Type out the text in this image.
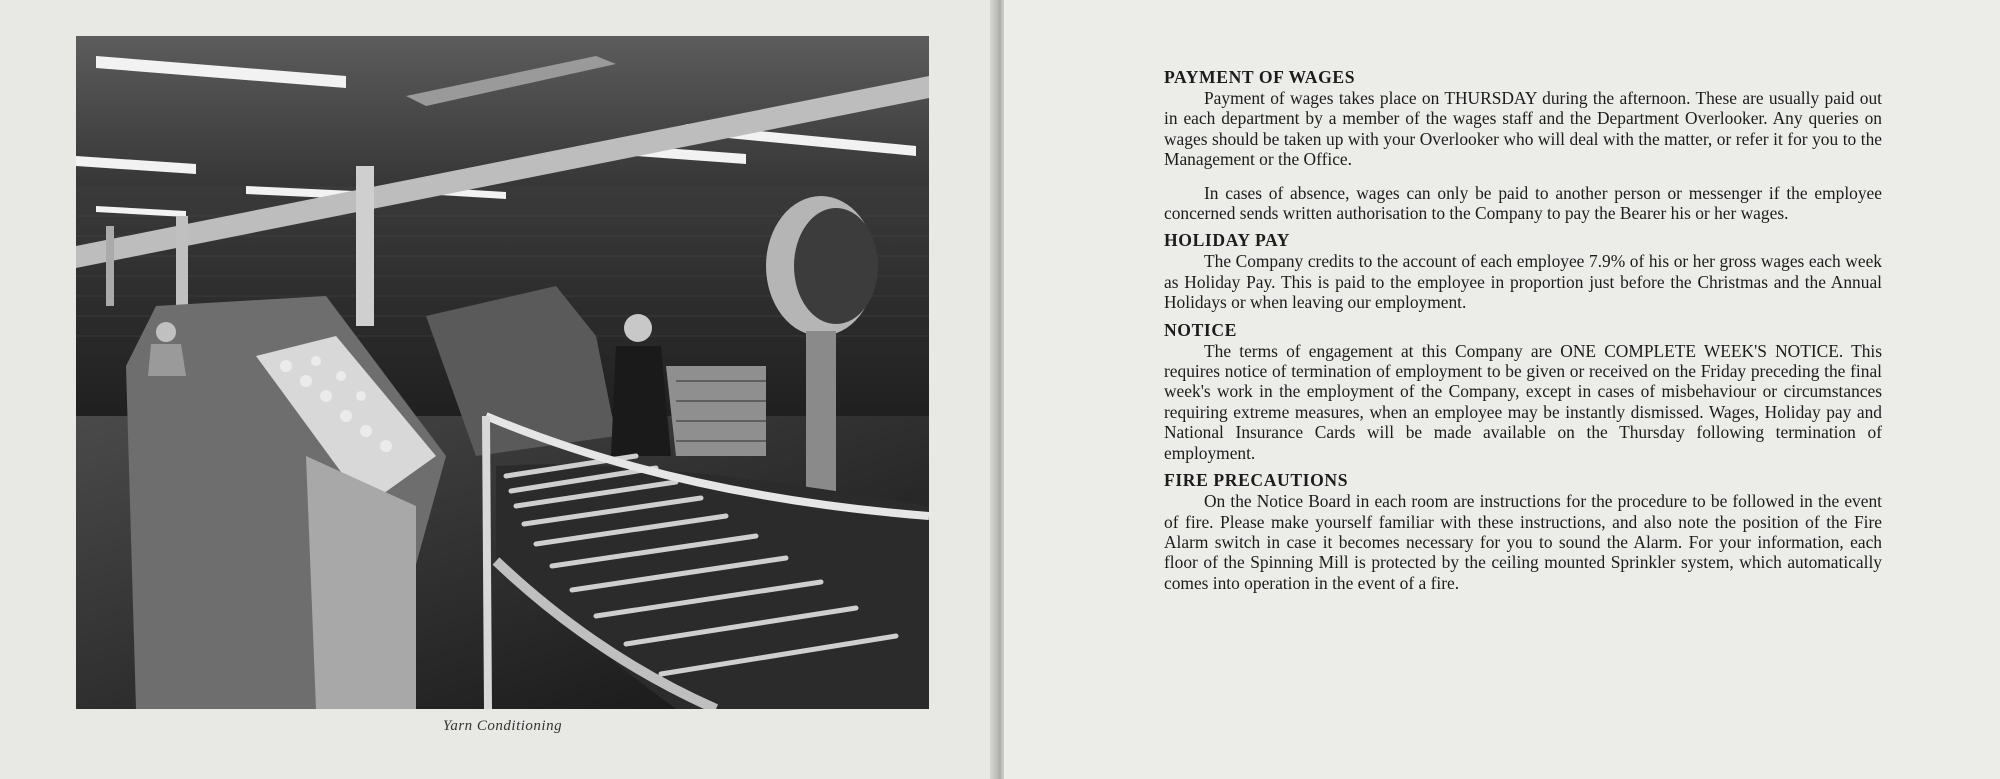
Yarn Conditioning
PAYMENT OF WAGES

Payment of wages takes place on THURSDAY during the afternoon. These are usually paid out in each department by a member of the wages staff and the Department Overlooker. Any queries on wages should be taken up with your Overlooker who will deal with the matter, or refer it for you to the Management or the Office.

In cases of absence, wages can only be paid to another person or messenger if the employee concerned sends written authorisation to the Company to pay the Bearer his or her wages.

HOLIDAY PAY

The Company credits to the account of each employee 7.9% of his or her gross wages each week as Holiday Pay. This is paid to the employee in proportion just before the Christmas and the Annual Holidays or when leaving our employment.

NOTICE

The terms of engagement at this Company are ONE COMPLETE WEEK'S NOTICE. This requires notice of termination of employment to be given or received on the Friday preceding the final week's work in the employment of the Company, except in cases of misbehaviour or circumstances requiring extreme measures, when an employee may be instantly dismissed. Wages, Holiday pay and National Insurance Cards will be made available on the Thursday following termination of employment.

FIRE PRECAUTIONS

On the Notice Board in each room are instructions for the procedure to be followed in the event of fire. Please make yourself familiar with these instructions, and also note the position of the Fire Alarm switch in case it becomes necessary for you to sound the Alarm. For your information, each floor of the Spinning Mill is protected by the ceiling mounted Sprinkler system, which automatically comes into operation in the event of a fire.
